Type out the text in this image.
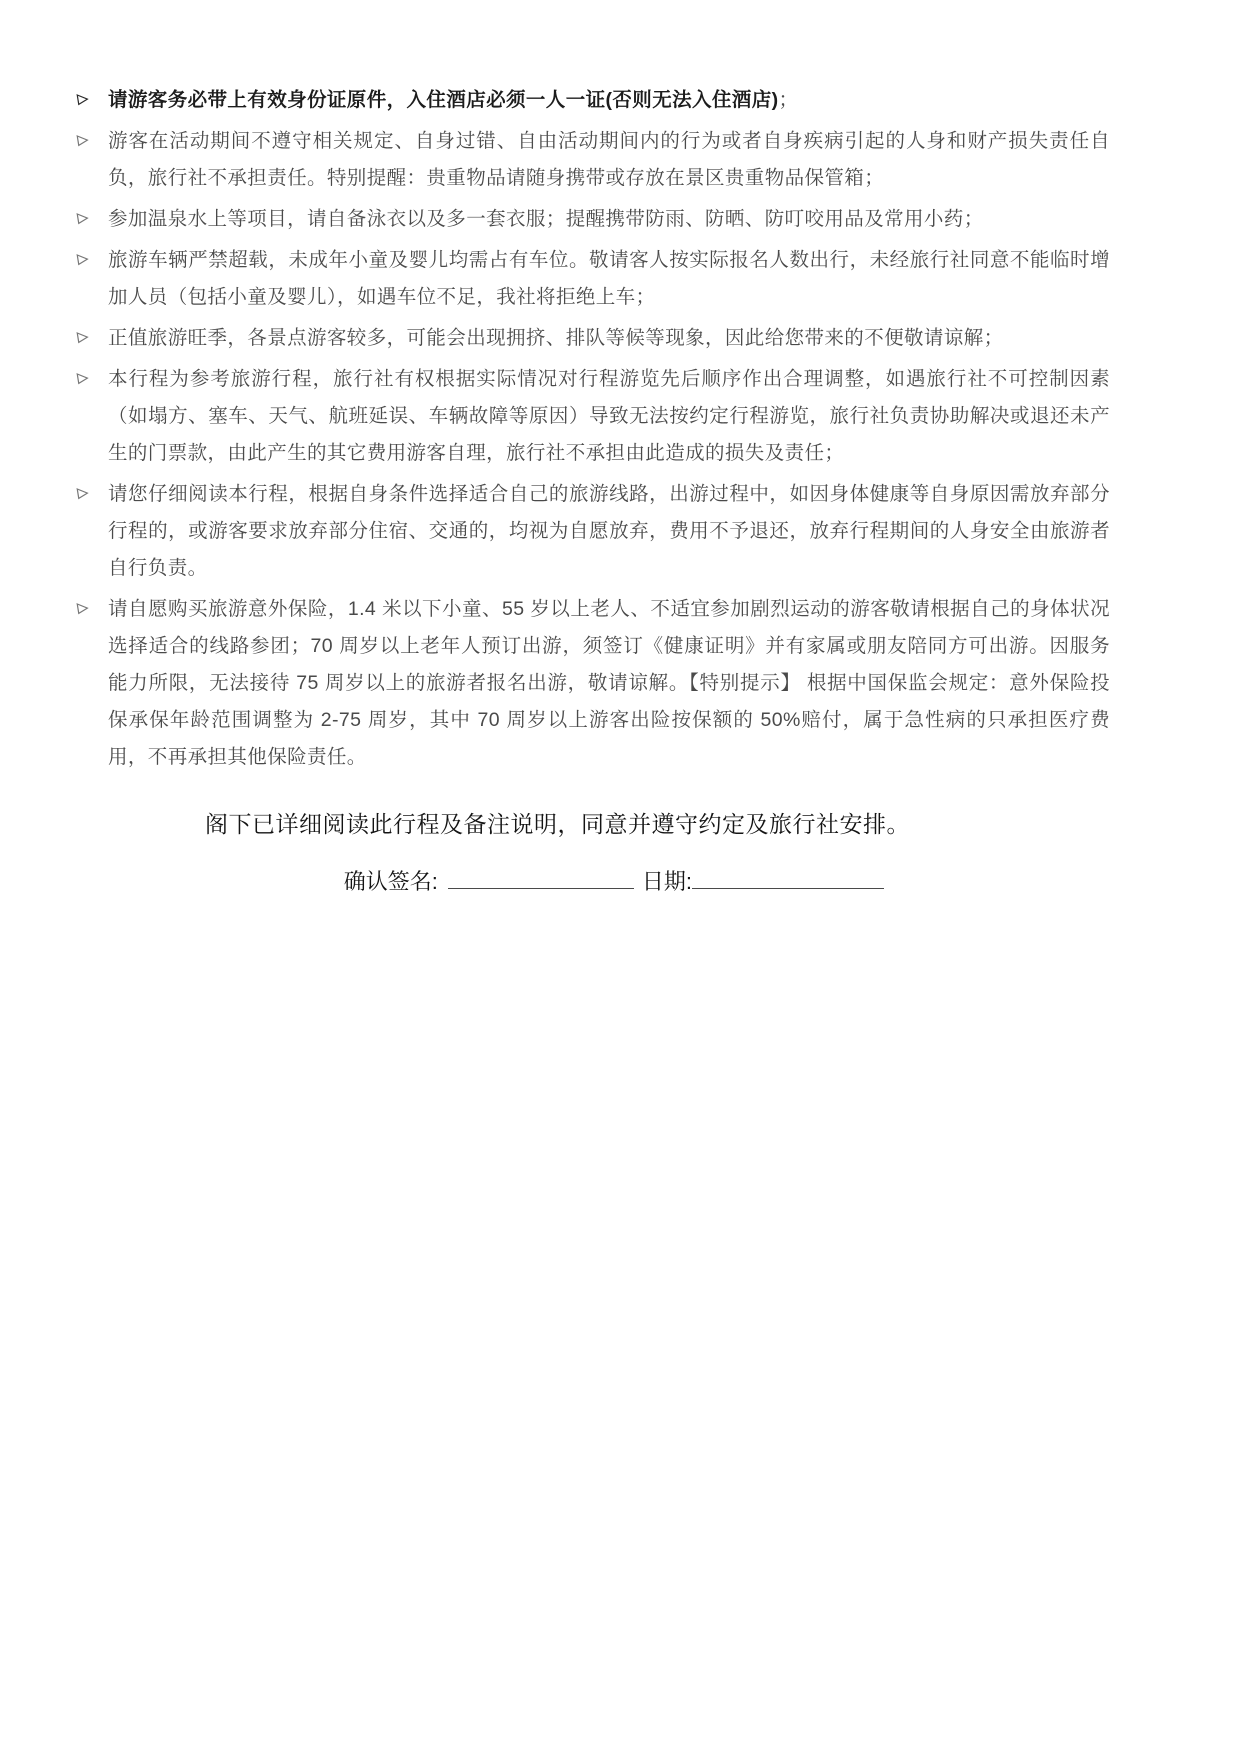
请游客务必带上有效身份证原件，入住酒店必须一人一证(否则无法入住酒店)；
游客在活动期间不遵守相关规定、自身过错、自由活动期间内的行为或者自身疾病引起的人身和财产损失责任自负，旅行社不承担责任。特别提醒：贵重物品请随身携带或存放在景区贵重物品保管箱；
参加温泉水上等项目，请自备泳衣以及多一套衣服；提醒携带防雨、防晒、防叮咬用品及常用小药；
旅游车辆严禁超载，未成年小童及婴儿均需占有车位。敬请客人按实际报名人数出行，未经旅行社同意不能临时增加人员（包括小童及婴儿），如遇车位不足，我社将拒绝上车；
正值旅游旺季，各景点游客较多，可能会出现拥挤、排队等候等现象，因此给您带来的不便敬请谅解；
本行程为参考旅游行程，旅行社有权根据实际情况对行程游览先后顺序作出合理调整，如遇旅行社不可控制因素（如塌方、塞车、天气、航班延误、车辆故障等原因）导致无法按约定行程游览，旅行社负责协助解决或退还未产生的门票款，由此产生的其它费用游客自理，旅行社不承担由此造成的损失及责任；
请您仔细阅读本行程，根据自身条件选择适合自己的旅游线路，出游过程中，如因身体健康等自身原因需放弃部分行程的，或游客要求放弃部分住宿、交通的，均视为自愿放弃，费用不予退还，放弃行程期间的人身安全由旅游者自行负责。
请自愿购买旅游意外保险，1.4 米以下小童、55 岁以上老人、不适宜参加剧烈运动的游客敬请根据自己的身体状况选择适合的线路参团；70 周岁以上老年人预订出游，须签订《健康证明》并有家属或朋友陪同方可出游。因服务能力所限，无法接待 75 周岁以上的旅游者报名出游，敬请谅解。【特别提示】 根据中国保监会规定：意外保险投保承保年龄范围调整为 2-75 周岁，其中 70 周岁以上游客出险按保额的 50%赔付，属于急性病的只承担医疗费用，不再承担其他保险责任。
阁下已详细阅读此行程及备注说明，同意并遵守约定及旅行社安排。
确认签名:	日期:
